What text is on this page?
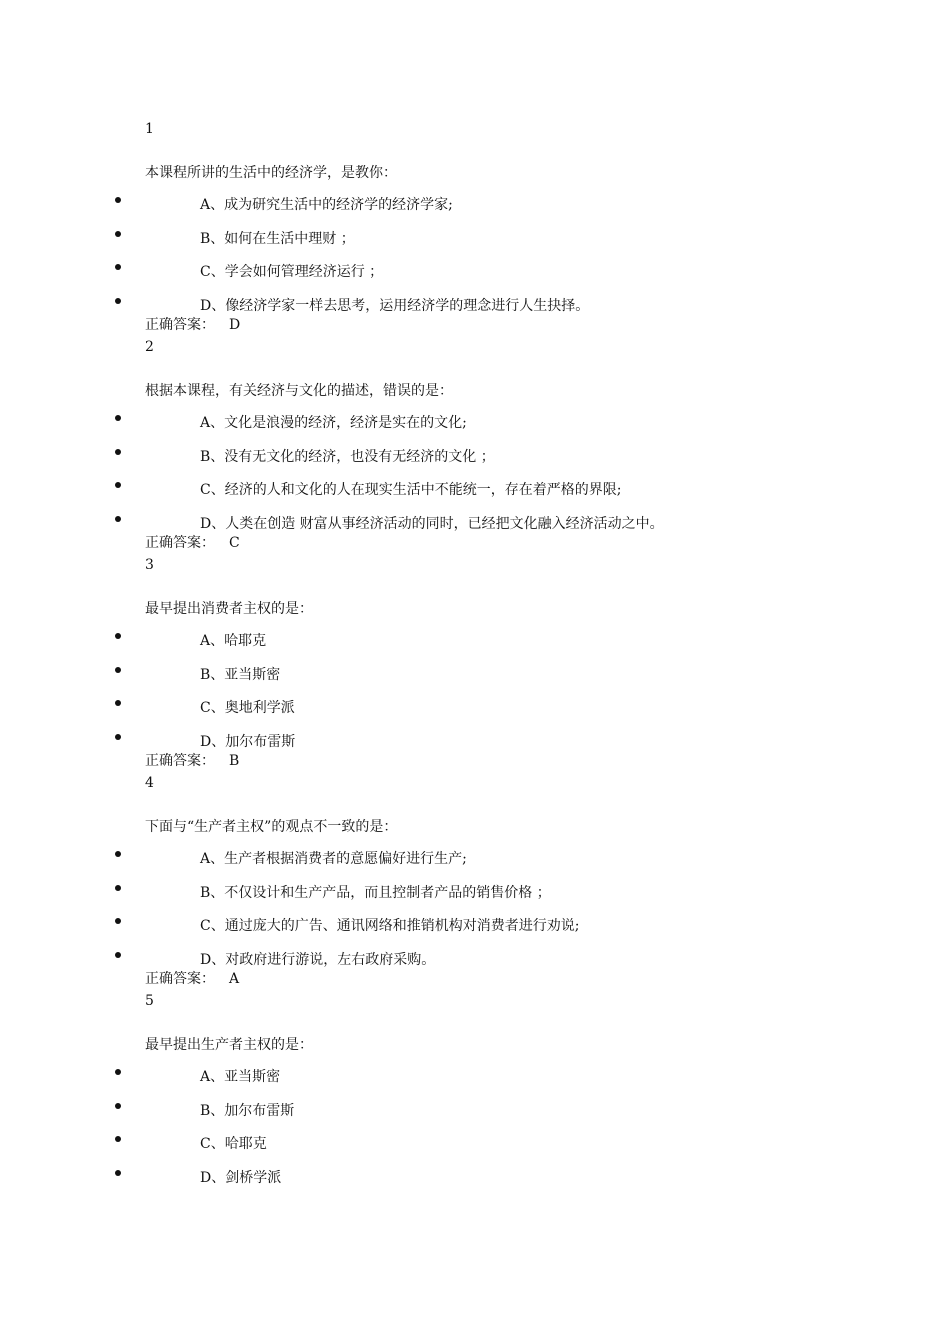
1
本课程所讲的生活中的经济学，是教你：
A、成为研究生活中的经济学的经济学家;
B、如何在生活中理财 ；
C、学会如何管理经济运行 ；
D、像经济学家一样去思考，运用经济学的理念进行人生抉择。
正确答案： D
2
根据本课程，有关经济与文化的描述，错误的是：
A、文化是浪漫的经济，经济是实在的文化;
B、没有无文化的经济，也没有无经济的文化 ；
C、经济的人和文化的人在现实生活中不能统一，存在着严格的界限;
D、人类在创造 财富从事经济活动的同时，已经把文化融入经济活动之中。
正确答案： C
3
最早提出消费者主权的是：
A、哈耶克
B、亚当斯密
C、奥地利学派
D、加尔布雷斯
正确答案： B
4
下面与“生产者主权”的观点不一致的是：
A、生产者根据消费者的意愿偏好进行生产;
B、不仅设计和生产产品，而且控制者产品的销售价格 ；
C、通过庞大的广告、通讯网络和推销机构对消费者进行劝说;
D、对政府进行游说，左右政府采购。
正确答案： A
5
最早提出生产者主权的是：
A、亚当斯密
B、加尔布雷斯
C、哈耶克
D、剑桥学派
